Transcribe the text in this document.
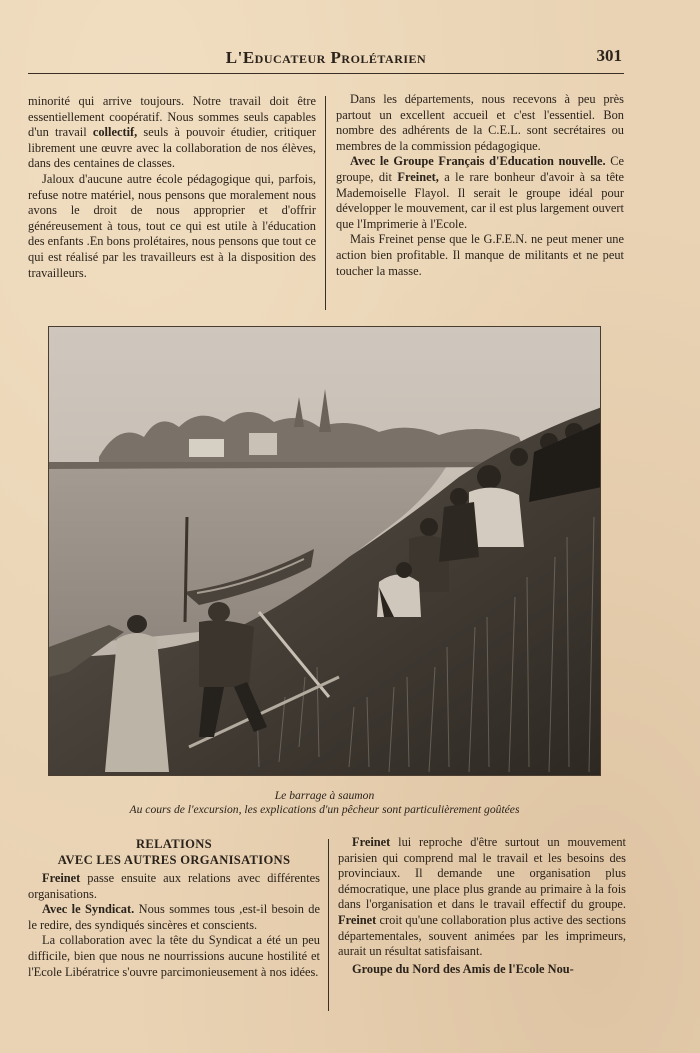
L'Educateur Prolétarien	301

minorité qui arrive toujours. Notre travail doit être essentiellement coopératif. Nous sommes seuls capables d'un travail collectif, seuls à pouvoir étudier, critiquer librement une œuvre avec la collaboration de nos élèves, dans des centaines de classes.

Jaloux d'aucune autre école pédagogique qui, parfois, refuse notre matériel, nous pensons que moralement nous avons le droit de nous approprier et d'offrir généreusement à tous, tout ce qui est utile à l'éducation des enfants .En bons prolétaires, nous pensons que tout ce qui est réalisé par les travailleurs est à la disposition des travailleurs.

Dans les départements, nous recevons à peu près partout un excellent accueil et c'est l'essentiel. Bon nombre des adhérents de la C.E.L. sont secrétaires ou membres de la commission pédagogique.

Avec le Groupe Français d'Education nouvelle. Ce groupe, dit Freinet, a le rare bonheur d'avoir à sa tête Mademoiselle Flayol. Il serait le groupe idéal pour développer le mouvement, car il est plus largement ouvert que l'Imprimerie à l'Ecole.

Mais Freinet pense que le G.F.E.N. ne peut mener une action bien profitable. Il manque de militants et ne peut toucher la masse.

Le barrage à saumon
Au cours de l'excursion, les explications d'un pêcheur sont particulièrement goûtées
RELATIONS
AVEC LES AUTRES ORGANISATIONS

Freinet passe ensuite aux relations avec différentes organisations.

Avec le Syndicat. Nous sommes tous ,est-il besoin de le redire, des syndiqués sincères et conscients.

La collaboration avec la tête du Syndicat a été un peu difficile, bien que nous ne nourrissions aucune hostilité et l'Ecole Libératrice s'ouvre parcimonieusement à nos idées.

Freinet lui reproche d'être surtout un mouvement parisien qui comprend mal le travail et les besoins des provinciaux. Il demande une organisation plus démocratique, une place plus grande au primaire à la fois dans l'organisation et dans le travail effectif du groupe. Freinet croit qu'une collaboration plus active des sections départementales, souvent animées par les imprimeurs, aurait un résultat satisfaisant.

Groupe du Nord des Amis de l'Ecole Nou-
